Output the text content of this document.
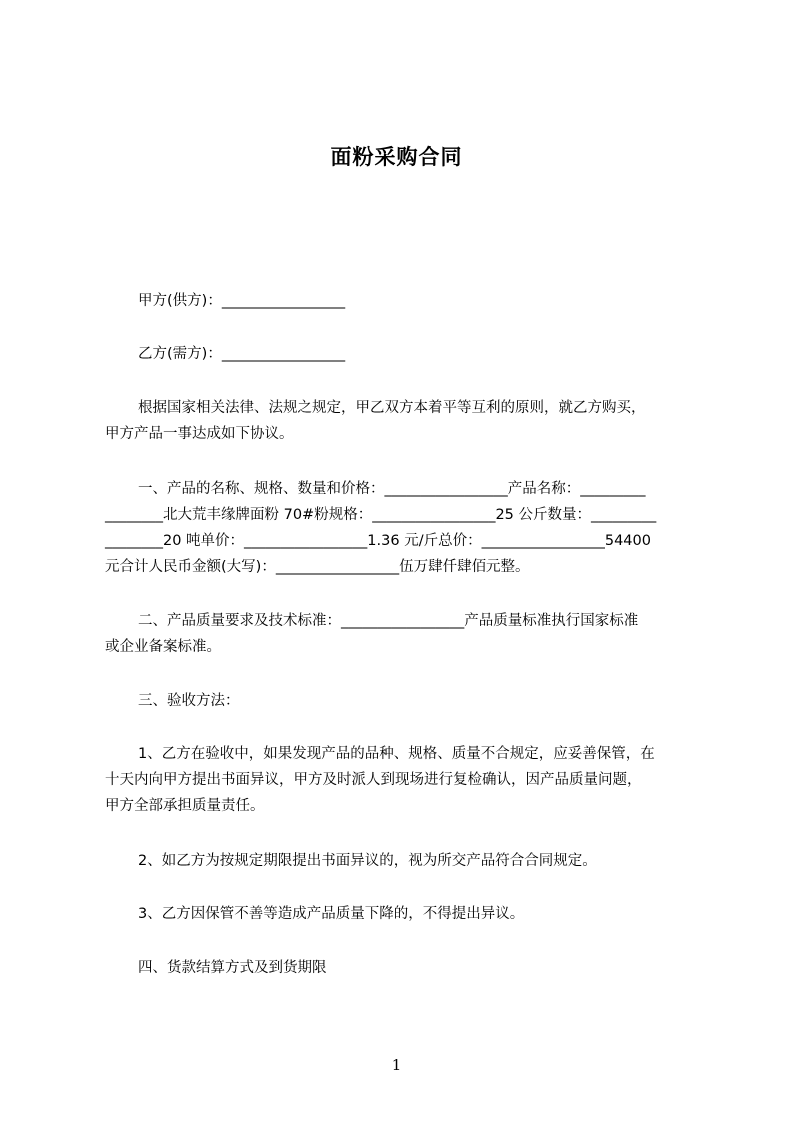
面粉采购合同
甲方(供方)：_________________
乙方(需方)：_________________
根据国家相关法律、法规之规定，甲乙双方本着平等互利的原则，就乙方购买，
甲方产品一事达成如下协议。
一、产品的名称、规格、数量和价格：_________________产品名称：_________
________北大荒丰缘牌面粉 70#粉规格：_________________25 公斤数量：_________
________20 吨单价：_________________1.36 元/斤总价：_________________54400
元合计人民币金额(大写)：_________________伍万肆仟肆佰元整。
二、产品质量要求及技术标准：_________________产品质量标准执行国家标准
或企业备案标准。
三、验收方法：
1、乙方在验收中，如果发现产品的品种、规格、质量不合规定，应妥善保管，在
十天内向甲方提出书面异议，甲方及时派人到现场进行复检确认，因产品质量问题，
甲方全部承担质量责任。
2、如乙方为按规定期限提出书面异议的，视为所交产品符合合同规定。
3、乙方因保管不善等造成产品质量下降的，不得提出异议。
四、货款结算方式及到货期限
1
